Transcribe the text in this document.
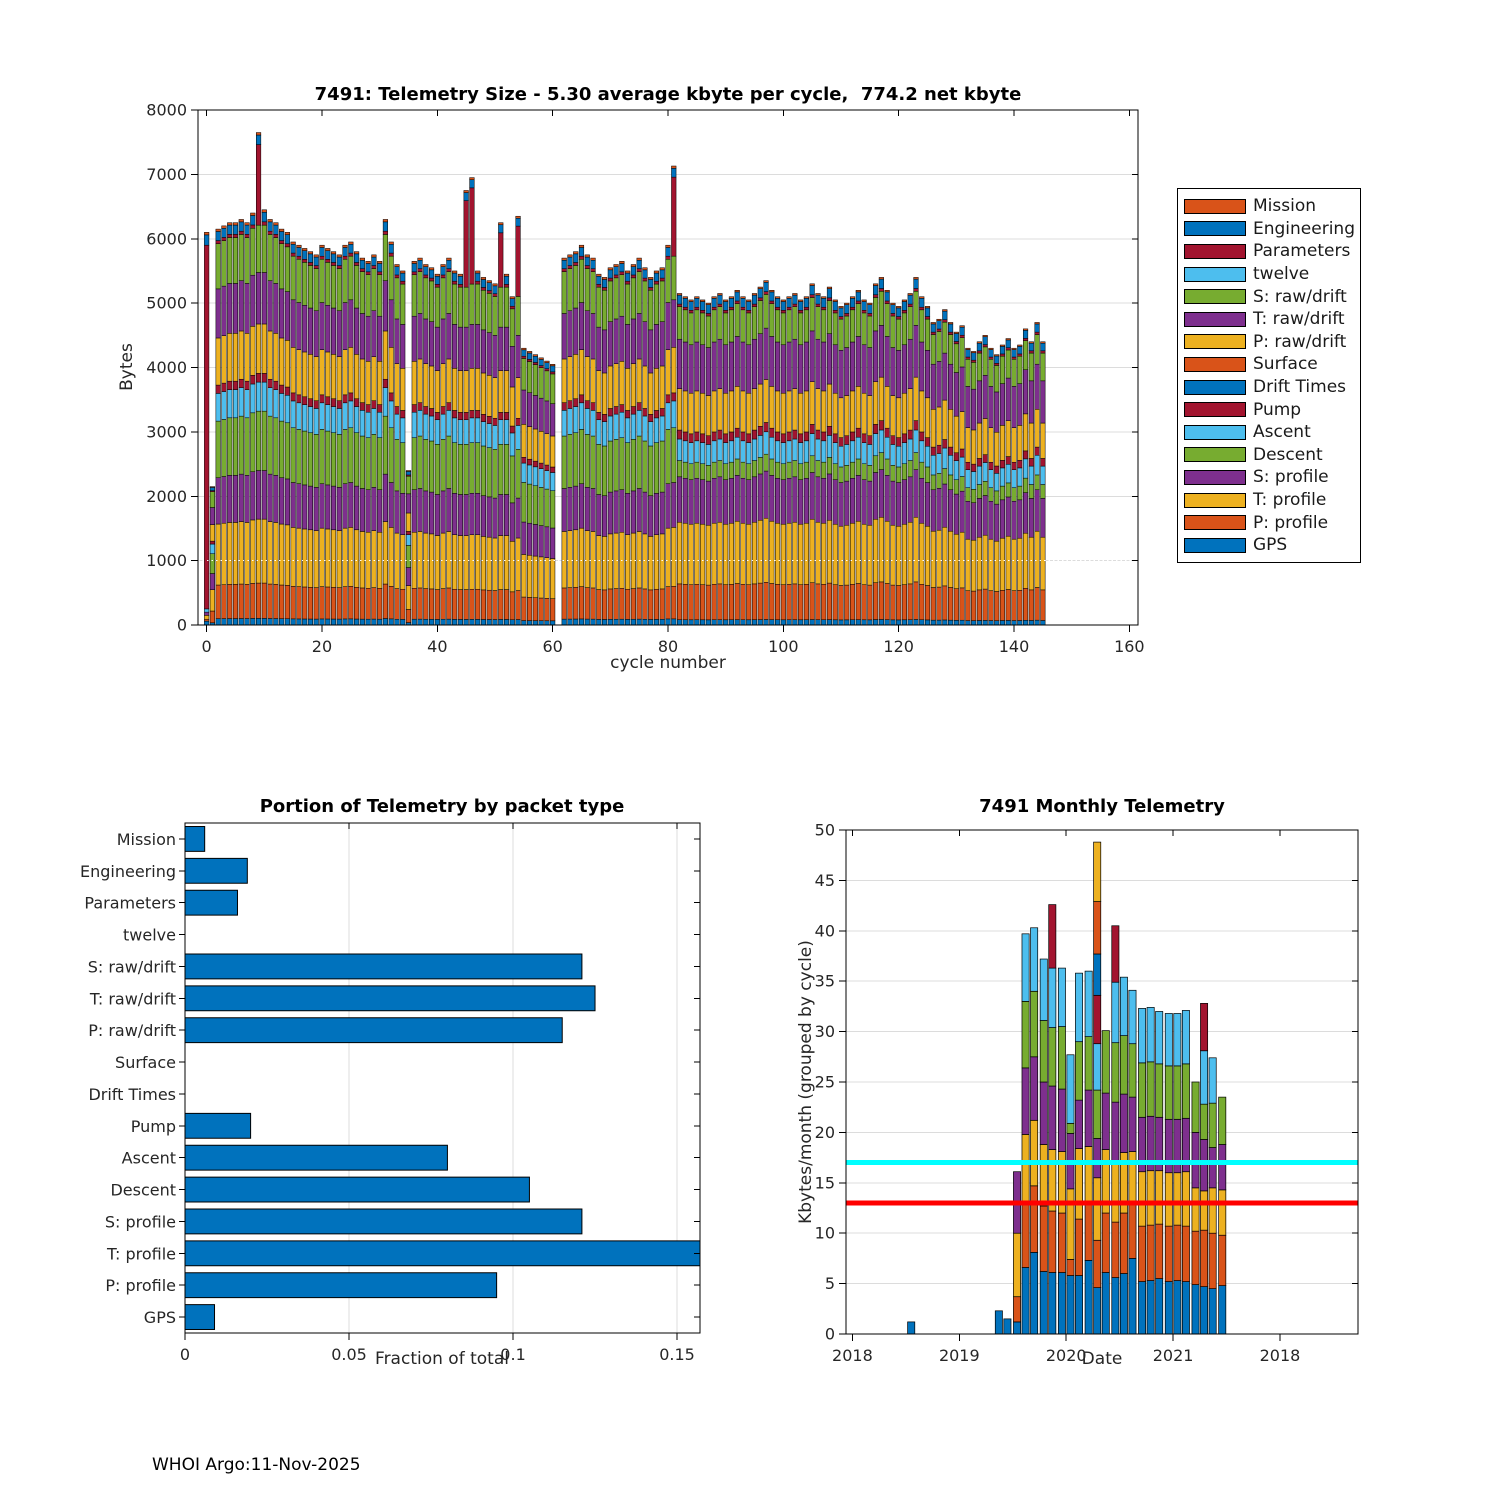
0	20	40	60	80	100	120	140	160
0
1000
2000
3000
4000
5000
6000
7000
8000
Mission
Engineering
Parameters
twelve
S: raw/drift
T: raw/drift
P: raw/drift
Surface
Drift Times
Pump
Ascent
Descent
S: profile
T: profile
P: profile
GPS
0	0.05	0.1	0.15	2018	2019	2020	2021	2018
0
5
10
15
20
25
30
35
40
45
50
7491: Telemetry Size - 5.30 average kbyte per cycle,  774.2 net kbyte
Bytes
cycle number
Portion of Telemetry by packet type
Fraction of total
7491 Monthly Telemetry
Kbytes/month (grouped by cycle)
Date
Mission
Engineering
Parameters
twelve
S: raw/drift
T: raw/drift
P: raw/drift
Surface
Drift Times
Pump
Ascent
Descent
S: profile
T: profile
P: profile
GPS
WHOI Argo:11-Nov-2025
